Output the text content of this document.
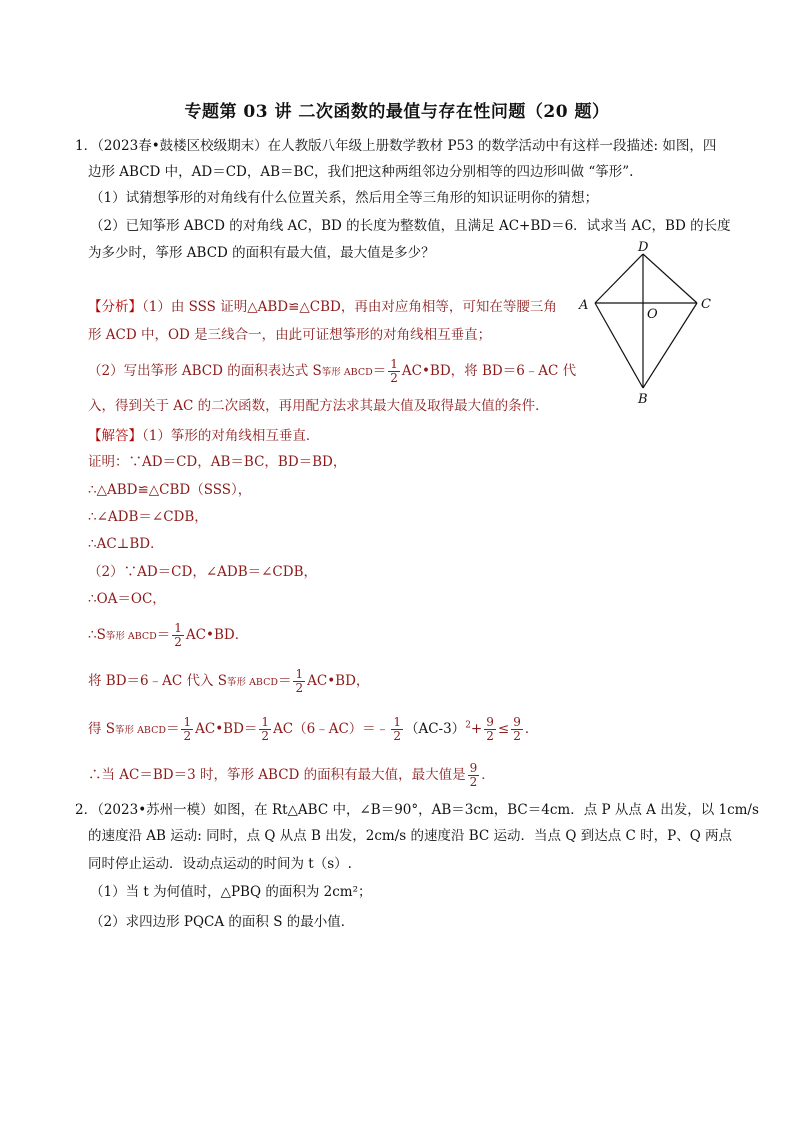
专题第 03 讲 二次函数的最值与存在性问题（20 题）
1．（2023春•鼓楼区校级期末）在人教版八年级上册数学教材 P53 的数学活动中有这样一段描述: 如图，四
边形 ABCD 中，AD＝CD，AB＝BC，我们把这种两组邻边分别相等的四边形叫做 “筝形”.
（1）试猜想筝形的对角线有什么位置关系，然后用全等三角形的知识证明你的猜想；
（2）已知筝形 ABCD 的对角线 AC，BD 的长度为整数值，且满足 AC+BD＝6．试求当 AC，BD 的长度
为多少时，筝形 ABCD 的面积有最大值，最大值是多少？	D
A
O
C
B
【分析】（1）由 SSS 证明△ABD≌△CBD，再由对应角相等，可知在等腰三角
形 ACD 中，OD 是三线合一，由此可证想筝形的对角线相互垂直；
（2）写出筝形 ABCD 的面积表达式 S筝形 ABCD＝ $\frac{1}{2}$ AC•BD，将 BD＝6﹣AC 代
入，得到关于 AC 的二次函数，再用配方法求其最大值及取得最大值的条件．
【解答】（1）筝形的对角线相互垂直．
证明：∵AD＝CD，AB＝BC，BD＝BD，
∴△ABD≌△CBD（SSS），
∴∠ADB＝∠CDB，
∴AC⊥BD．
（2）∵AD＝CD，∠ADB＝∠CDB，
∴OA＝OC，
∴S筝形 ABCD＝ $\frac{1}{2}$ AC•BD．
将 BD＝6﹣AC 代入 S筝形 ABCD＝ $\frac{1}{2}$ AC•BD，
得 S筝形 ABCD＝ $\frac{1}{2}$ AC•BD＝ $\frac{1}{2}$ AC（6﹣AC）＝﹣ $\frac{1}{2} (AC-3)^2+ \frac{9}{2} \le \frac{9}{2}$ ．
∴当 AC＝BD＝3 时，筝形 ABCD 的面积有最大值，最大值是 $\frac{9}{2}$ ．
2．（2023•苏州一模）如图，在 Rt△ABC 中，∠B＝90°，AB＝3cm，BC＝4cm．点 P 从点 A 出发，以 1cm/s
的速度沿 AB 运动: 同时，点 Q 从点 B 出发，2cm/s 的速度沿 BC 运动．当点 Q 到达点 C 时，P、Q 两点
同时停止运动．设动点运动的时间为 t（s）.
（1）当 t 为何值时，△PBQ 的面积为 2cm²；
（2）求四边形 PQCA 的面积 S 的最小值．
